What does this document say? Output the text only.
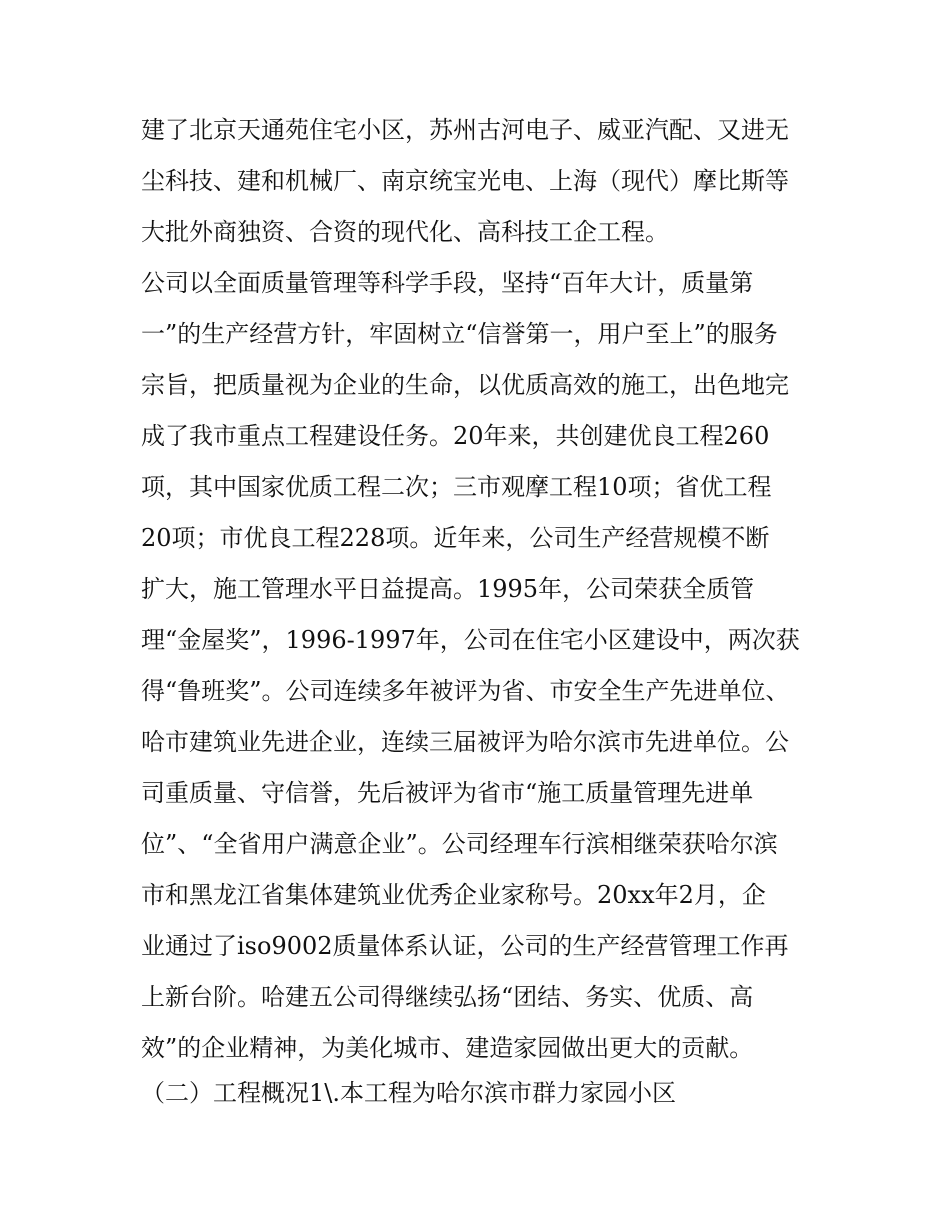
建了北京天通苑住宅小区，苏州古河电子、威亚汽配、又进无
尘科技、建和机械厂、南京统宝光电、上海（现代）摩比斯等
大批外商独资、合资的现代化、高科技工企工程。
公司以全面质量管理等科学手段，坚持“百年大计，质量第
一”的生产经营方针，牢固树立“信誉第一，用户至上”的服务
宗旨，把质量视为企业的生命，以优质高效的施工，出色地完
成了我市重点工程建设任务。20年来，共创建优良工程260
项，其中国家优质工程二次；三市观摩工程10项；省优工程
20项；市优良工程228项。近年来，公司生产经营规模不断
扩大，施工管理水平日益提高。1995年，公司荣获全质管
理“金屋奖”，1996-1997年，公司在住宅小区建设中，两次获
得“鲁班奖”。公司连续多年被评为省、市安全生产先进单位、
哈市建筑业先进企业，连续三届被评为哈尔滨市先进单位。公
司重质量、守信誉，先后被评为省市“施工质量管理先进单
位”、“全省用户满意企业”。公司经理车行滨相继荣获哈尔滨
市和黑龙江省集体建筑业优秀企业家称号。20xx年2月，企
业通过了iso9002质量体系认证，公司的生产经营管理工作再
上新台阶。哈建五公司得继续弘扬“团结、务实、优质、高
效”的企业精神，为美化城市、建造家园做出更大的贡献。
（二）工程概况1\.本工程为哈尔滨市群力家园小区
